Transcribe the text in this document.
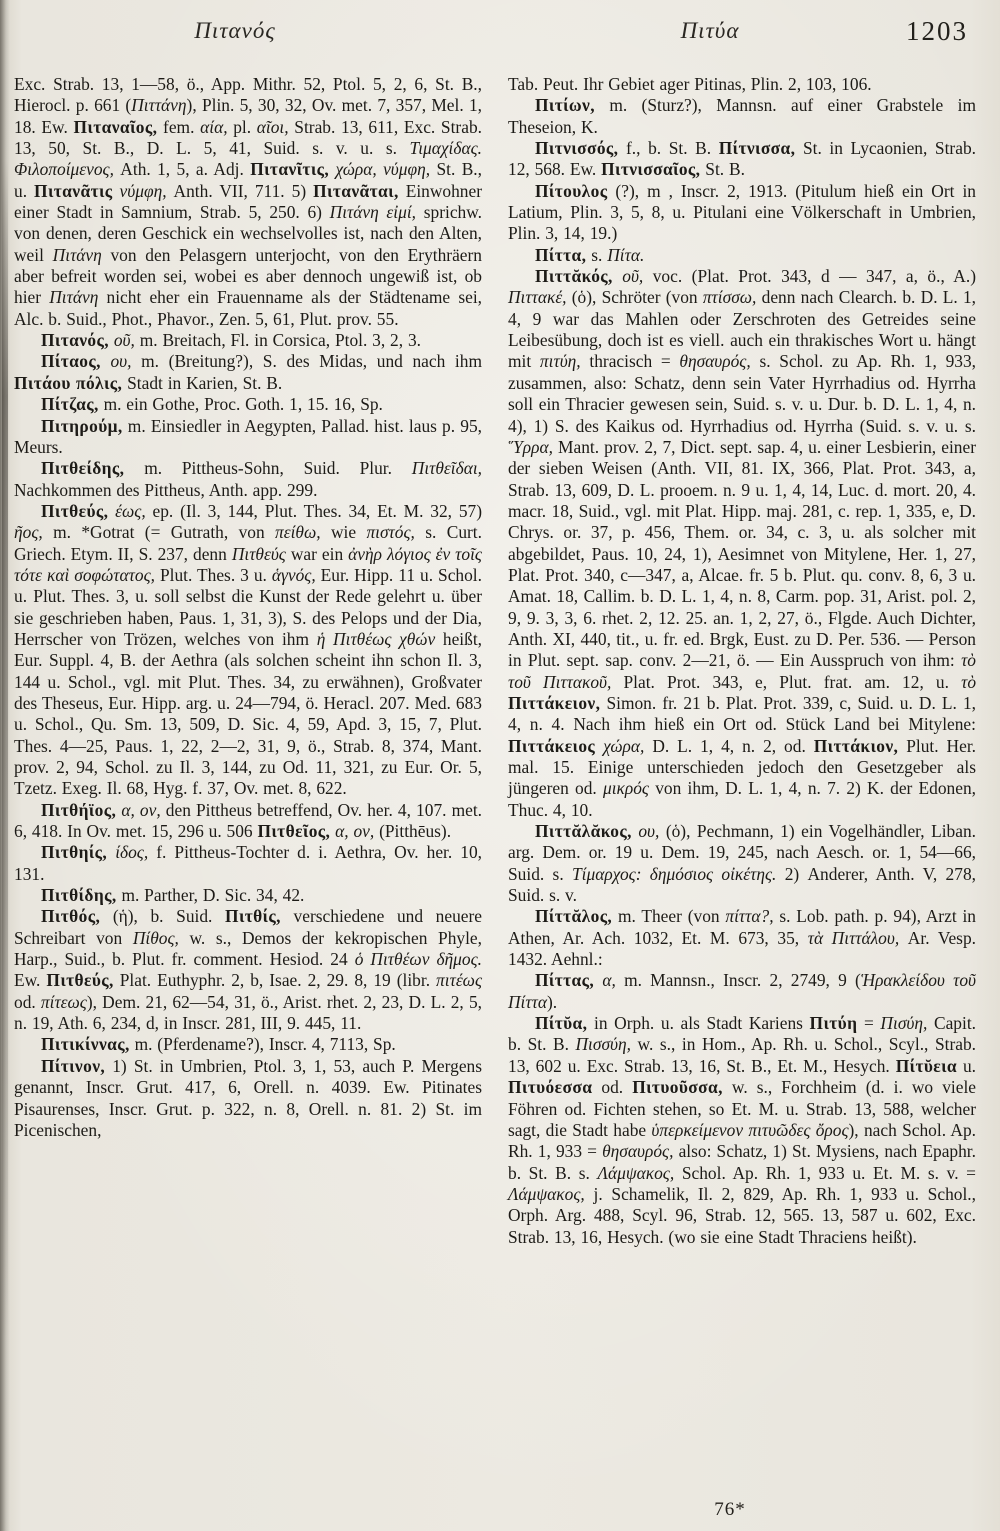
Πιτανός	Πιτύα	1203

Exc. Strab. 13, 1—58, ö., App. Mithr. 52, Ptol. 5, 2, 6, St. B., Hierocl. p. 661 (Πιττάνη), Plin. 5, 30, 32, Ov. met. 7, 357, Mel. 1, 18. Ew. Πιταναῖος, fem. αία, pl. αῖοι, Strab. 13, 611, Exc. Strab. 13, 50, St. B., D. L. 5, 41, Suid. s. v. u. s. Τιμαχίδας. Φιλοποίμενος, Ath. 1, 5, a. Adj. Πιτανῖτις, χώρα, νύμφη, St. B., u. Πιτανᾶτις νύμφη, Anth. VII, 711. 5) Πιτανᾶται, Einwohner einer Stadt in Samnium, Strab. 5, 250. 6) Πιτάνη εἰμί, sprichw. von denen, deren Geschick ein wechselvolles ist, nach den Alten, weil Πιτάνη von den Pelasgern unterjocht, von den Erythräern aber befreit worden sei, wobei es aber dennoch ungewiß ist, ob hier Πιτάνη nicht eher ein Frauenname als der Städtename sei, Alc. b. Suid., Phot., Phavor., Zen. 5, 61, Plut. prov. 55.

Πιτανός, οῦ, m. Breitach, Fl. in Corsica, Ptol. 3, 2, 3.

Πίταος, ου, m. (Breitung?), S. des Midas, und nach ihm Πιτάου πόλις, Stadt in Karien, St. B.

Πίτζας, m. ein Gothe, Proc. Goth. 1, 15. 16, Sp.

Πιτηρούμ, m. Einsiedler in Aegypten, Pallad. hist. laus p. 95, Meurs.

Πιτθείδης, m. Pittheus-Sohn, Suid. Plur. Πιτθεῖδαι, Nachkommen des Pittheus, Anth. app. 299.

Πιτθεύς, έως, ep. (Il. 3, 144, Plut. Thes. 34, Et. M. 32, 57) ῆος, m. *Gotrat (= Gutrath, von πείθω, wie πιστός, s. Curt. Griech. Etym. II, S. 237, denn Πιτθεύς war ein ἀνὴρ λόγιος ἐν τοῖς τότε καὶ σοφώτατος, Plut. Thes. 3 u. ἁγνός, Eur. Hipp. 11 u. Schol. u. Plut. Thes. 3, u. soll selbst die Kunst der Rede gelehrt u. über sie geschrieben haben, Paus. 1, 31, 3), S. des Pelops und der Dia, Herrscher von Trözen, welches von ihm ἡ Πιτθέως χθών heißt, Eur. Suppl. 4, B. der Aethra (als solchen scheint ihn schon Il. 3, 144 u. Schol., vgl. mit Plut. Thes. 34, zu erwähnen), Großvater des Theseus, Eur. Hipp. arg. u. 24—794, ö. Heracl. 207. Med. 683 u. Schol., Qu. Sm. 13, 509, D. Sic. 4, 59, Apd. 3, 15, 7, Plut. Thes. 4—25, Paus. 1, 22, 2—2, 31, 9, ö., Strab. 8, 374, Mant. prov. 2, 94, Schol. zu Il. 3, 144, zu Od. 11, 321, zu Eur. Or. 5, Tzetz. Exeg. Il. 68, Hyg. f. 37, Ov. met. 8, 622.

Πιτθήϊος, α, ον, den Pittheus betreffend, Ov. her. 4, 107. met. 6, 418. In Ov. met. 15, 296 u. 506 Πιτθεῖος, α, ον, (Pitthēus).

Πιτθηίς, ίδος, f. Pittheus-Tochter d. i. Aethra, Ov. her. 10, 131.

Πιτθίδης, m. Parther, D. Sic. 34, 42.

Πιτθός, (ἡ), b. Suid. Πιτθίς, verschiedene und neuere Schreibart von Πίθος, w. s., Demos der kekropischen Phyle, Harp., Suid., b. Plut. fr. comment. Hesiod. 24 ὁ Πιτθέων δῆμος. Ew. Πιτθεύς, Plat. Euthyphr. 2, b, Isae. 2, 29. 8, 19 (libr. πιτέως od. πίτεως), Dem. 21, 62—54, 31, ö., Arist. rhet. 2, 23, D. L. 2, 5, n. 19, Ath. 6, 234, d, in Inscr. 281, III, 9. 445, 11.

Πιτικίννας, m. (Pferdename?), Inscr. 4, 7113, Sp.

Πίτινον, 1) St. in Umbrien, Ptol. 3, 1, 53, auch P. Mergens genannt, Inscr. Grut. 417, 6, Orell. n. 4039. Ew. Pitinates Pisaurenses, Inscr. Grut. p. 322, n. 8, Orell. n. 81. 2) St. im Picenischen,

Tab. Peut. Ihr Gebiet ager Pitinas, Plin. 2, 103, 106.

Πιτίων, m. (Sturz?), Mannsn. auf einer Grabstele im Theseion, K.

Πιτνισσός, f., b. St. B. Πίτνισσα, St. in Lycaonien, Strab. 12, 568. Ew. Πιτνισσαῖος, St. B.

Πίτουλος (?), m , Inscr. 2, 1913. (Pitulum hieß ein Ort in Latium, Plin. 3, 5, 8, u. Pitulani eine Völkerschaft in Umbrien, Plin. 3, 14, 19.)

Πίττα, s. Πίτα.

Πιττᾰκός, οῦ, voc. (Plat. Prot. 343, d — 347, a, ö., A.) Πιττακέ, (ὁ), Schröter (von πτίσσω, denn nach Clearch. b. D. L. 1, 4, 9 war das Mahlen oder Zerschroten des Getreides seine Leibesübung, doch ist es viell. auch ein thrakisches Wort u. hängt mit πιτύη, thracisch = θησαυρός, s. Schol. zu Ap. Rh. 1, 933, zusammen, also: Schatz, denn sein Vater Hyrrhadius od. Hyrrha soll ein Thracier gewesen sein, Suid. s. v. u. Dur. b. D. L. 1, 4, n. 4), 1) S. des Kaikus od. Hyrrhadius od. Hyrrha (Suid. s. v. u. s. Ὕρρα, Mant. prov. 2, 7, Dict. sept. sap. 4, u. einer Lesbierin, einer der sieben Weisen (Anth. VII, 81. IX, 366, Plat. Prot. 343, a, Strab. 13, 609, D. L. prooem. n. 9 u. 1, 4, 14, Luc. d. mort. 20, 4. macr. 18, Suid., vgl. mit Plat. Hipp. maj. 281, c. rep. 1, 335, e, D. Chrys. or. 37, p. 456, Them. or. 34, c. 3, u. als solcher mit abgebildet, Paus. 10, 24, 1), Aesimnet von Mitylene, Her. 1, 27, Plat. Prot. 340, c—347, a, Alcae. fr. 5 b. Plut. qu. conv. 8, 6, 3 u. Amat. 18, Callim. b. D. L. 1, 4, n. 8, Carm. pop. 31, Arist. pol. 2, 9, 9. 3, 3, 6. rhet. 2, 12. 25. an. 1, 2, 27, ö., Flgde. Auch Dichter, Anth. XI, 440, tit., u. fr. ed. Brgk, Eust. zu D. Per. 536. — Person in Plut. sept. sap. conv. 2—21, ö. — Ein Ausspruch von ihm: τὸ τοῦ Πιττακοῦ, Plat. Prot. 343, e, Plut. frat. am. 12, u. τὸ Πιττάκειον, Simon. fr. 21 b. Plat. Prot. 339, c, Suid. u. D. L. 1, 4, n. 4. Nach ihm hieß ein Ort od. Stück Land bei Mitylene: Πιττάκειος χώρα, D. L. 1, 4, n. 2, od. Πιττάκιον, Plut. Her. mal. 15. Einige unterschieden jedoch den Gesetzgeber als jüngeren od. μικρός von ihm, D. L. 1, 4, n. 7. 2) K. der Edonen, Thuc. 4, 10.

Πιττᾰλᾰκος, ου, (ὁ), Pechmann, 1) ein Vogelhändler, Liban. arg. Dem. or. 19 u. Dem. 19, 245, nach Aesch. or. 1, 54—66, Suid. s. Τίμαρχος: δημόσιος οἰκέτης. 2) Anderer, Anth. V, 278, Suid. s. v.

Πίττᾰλος, m. Theer (von πίττα?, s. Lob. path. p. 94), Arzt in Athen, Ar. Ach. 1032, Et. M. 673, 35, τὰ Πιττάλου, Ar. Vesp. 1432. Aehnl.:

Πίττας, α, m. Mannsn., Inscr. 2, 2749, 9 (Ἡρακλείδου τοῦ Πίττα).

Πίτῠα, in Orph. u. als Stadt Kariens Πιτύη = Πισύη, Capit. b. St. B. Πισσύη, w. s., in Hom., Ap. Rh. u. Schol., Scyl., Strab. 13, 602 u. Exc. Strab. 13, 16, St. B., Et. M., Hesych. Πίτῠεια u. Πιτυόεσσα od. Πιτυοῦσσα, w. s., Forchheim (d. i. wo viele Föhren od. Fichten stehen, so Et. M. u. Strab. 13, 588, welcher sagt, die Stadt habe ὑπερκείμενον πιτυῶδες ὄρος), nach Schol. Ap. Rh. 1, 933 = θησαυρός, also: Schatz, 1) St. Mysiens, nach Epaphr. b. St. B. s. Λάμψακος, Schol. Ap. Rh. 1, 933 u. Et. M. s. v. = Λάμψακος, j. Schamelik, Il. 2, 829, Ap. Rh. 1, 933 u. Schol., Orph. Arg. 488, Scyl. 96, Strab. 12, 565. 13, 587 u. 602, Exc. Strab. 13, 16, Hesych. (wo sie eine Stadt Thraciens heißt).

76*
